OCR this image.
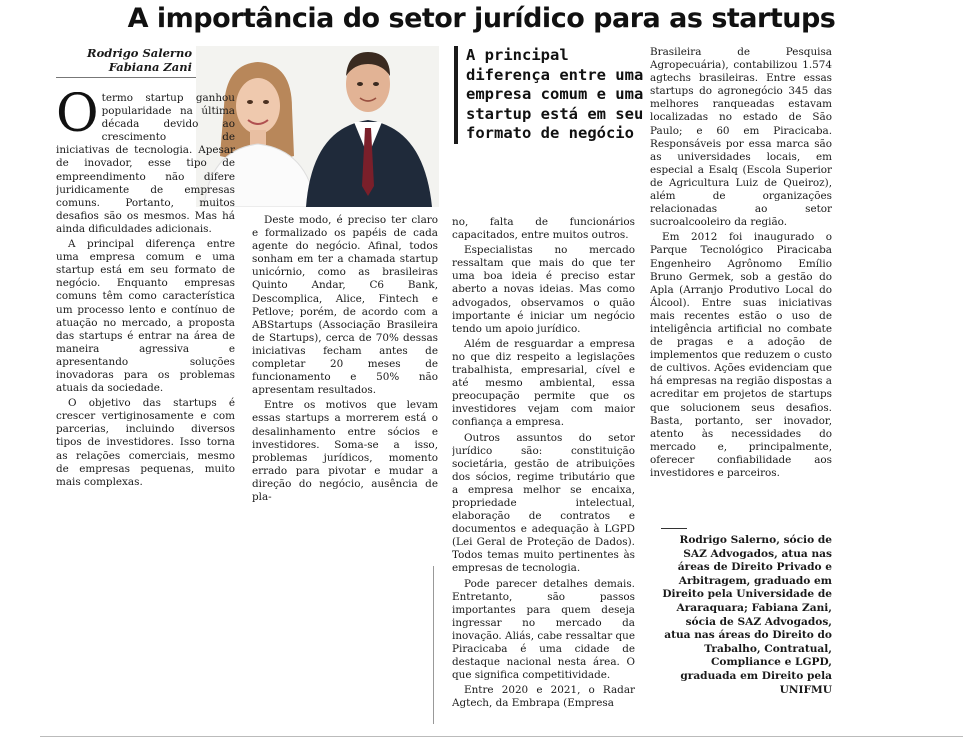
A importância do setor jurídico para as startups
Rodrigo Salerno
Fabiana Zani
O termo startup ganhou popularidade na última década devido ao crescimento de iniciativas de tecnologia. Apesar de inovador, esse tipo de empreendimento não difere juridicamente de empresas comuns. Portanto, muitos desafios são os mesmos. Mas há ainda dificuldades adicionais.

A principal diferença entre uma empresa comum e uma startup está em seu formato de negócio. Enquanto empresas comuns têm como característica um processo lento e contínuo de atuação no mercado, a proposta das startups é entrar na área de maneira agressiva e apresentando soluções inovadoras para os problemas atuais da sociedade.

O objetivo das startups é crescer vertiginosamente e com parcerias, incluindo diversos tipos de investidores. Isso torna as relações comerciais, mesmo de empresas pequenas, muito mais complexas.

Deste modo, é preciso ter claro e formalizado os papéis de cada agente do negócio. Afinal, todos sonham em ter a chamada startup unicórnio, como as brasileiras Quinto Andar, C6 Bank, Descomplica, Alice, Fintech e Petlove; porém, de acordo com a ABStartups (Associação Brasileira de Startups), cerca de 70% dessas iniciativas fecham antes de completar 20 meses de funcionamento e 50% não apresentam resultados.

Entre os motivos que levam essas startups a morrerem está o desalinhamento entre sócios e investidores. Soma-se a isso, problemas jurídicos, momento errado para pivotar e mudar a direção do negócio, ausência de pla-

A principal diferença entre uma empresa comum e uma startup está em seu formato de negócio

no, falta de funcionários capacitados, entre muitos outros.

Especialistas no mercado ressaltam que mais do que ter uma boa ideia é preciso estar aberto a novas ideias. Mas como advogados, observamos o quão importante é iniciar um negócio tendo um apoio jurídico.

Além de resguardar a empresa no que diz respeito a legislações trabalhista, empresarial, cível e até mesmo ambiental, essa preocupação permite que os investidores vejam com maior confiança a empresa.

Outros assuntos do setor jurídico são: constituição societária, gestão de atribuições dos sócios, regime tributário que a empresa melhor se encaixa, propriedade intelectual, elaboração de contratos e documentos e adequação à LGPD (Lei Geral de Proteção de Dados). Todos temas muito pertinentes às empresas de tecnologia.

Pode parecer detalhes demais. Entretanto, são passos importantes para quem deseja ingressar no mercado da inovação. Aliás, cabe ressaltar que Piracicaba é uma cidade de destaque nacional nesta área. O que significa competitividade.

Entre 2020 e 2021, o Radar Agtech, da Embrapa (Empresa

Brasileira de Pesquisa Agropecuária), contabilizou 1.574 agtechs brasileiras. Entre essas startups do agronegócio 345 das melhores ranqueadas estavam localizadas no estado de São Paulo; e 60 em Piracicaba. Responsáveis por essa marca são as universidades locais, em especial a Esalq (Escola Superior de Agricultura Luiz de Queiroz), além de organizações relacionadas ao setor sucroalcooleiro da região.

Em 2012 foi inaugurado o Parque Tecnológico Piracicaba Engenheiro Agrônomo Emílio Bruno Germek, sob a gestão do Apla (Arranjo Produtivo Local do Álcool). Entre suas iniciativas mais recentes estão o uso de inteligência artificial no combate de pragas e a adoção de implementos que reduzem o custo de cultivos. Ações evidenciam que há empresas na região dispostas a acreditar em projetos de startups que solucionem seus desafios. Basta, portanto, ser inovador, atento às necessidades do mercado e, principalmente, oferecer confiabilidade aos investidores e parceiros.

Rodrigo Salerno, sócio de SAZ Advogados, atua nas áreas de Direito Privado e Arbitragem, graduado em Direito pela Universidade de Araraquara; Fabiana Zani, sócia de SAZ Advogados, atua nas áreas do Direito do Trabalho, Contratual, Compliance e LGPD, graduada em Direito pela UNIFMU
